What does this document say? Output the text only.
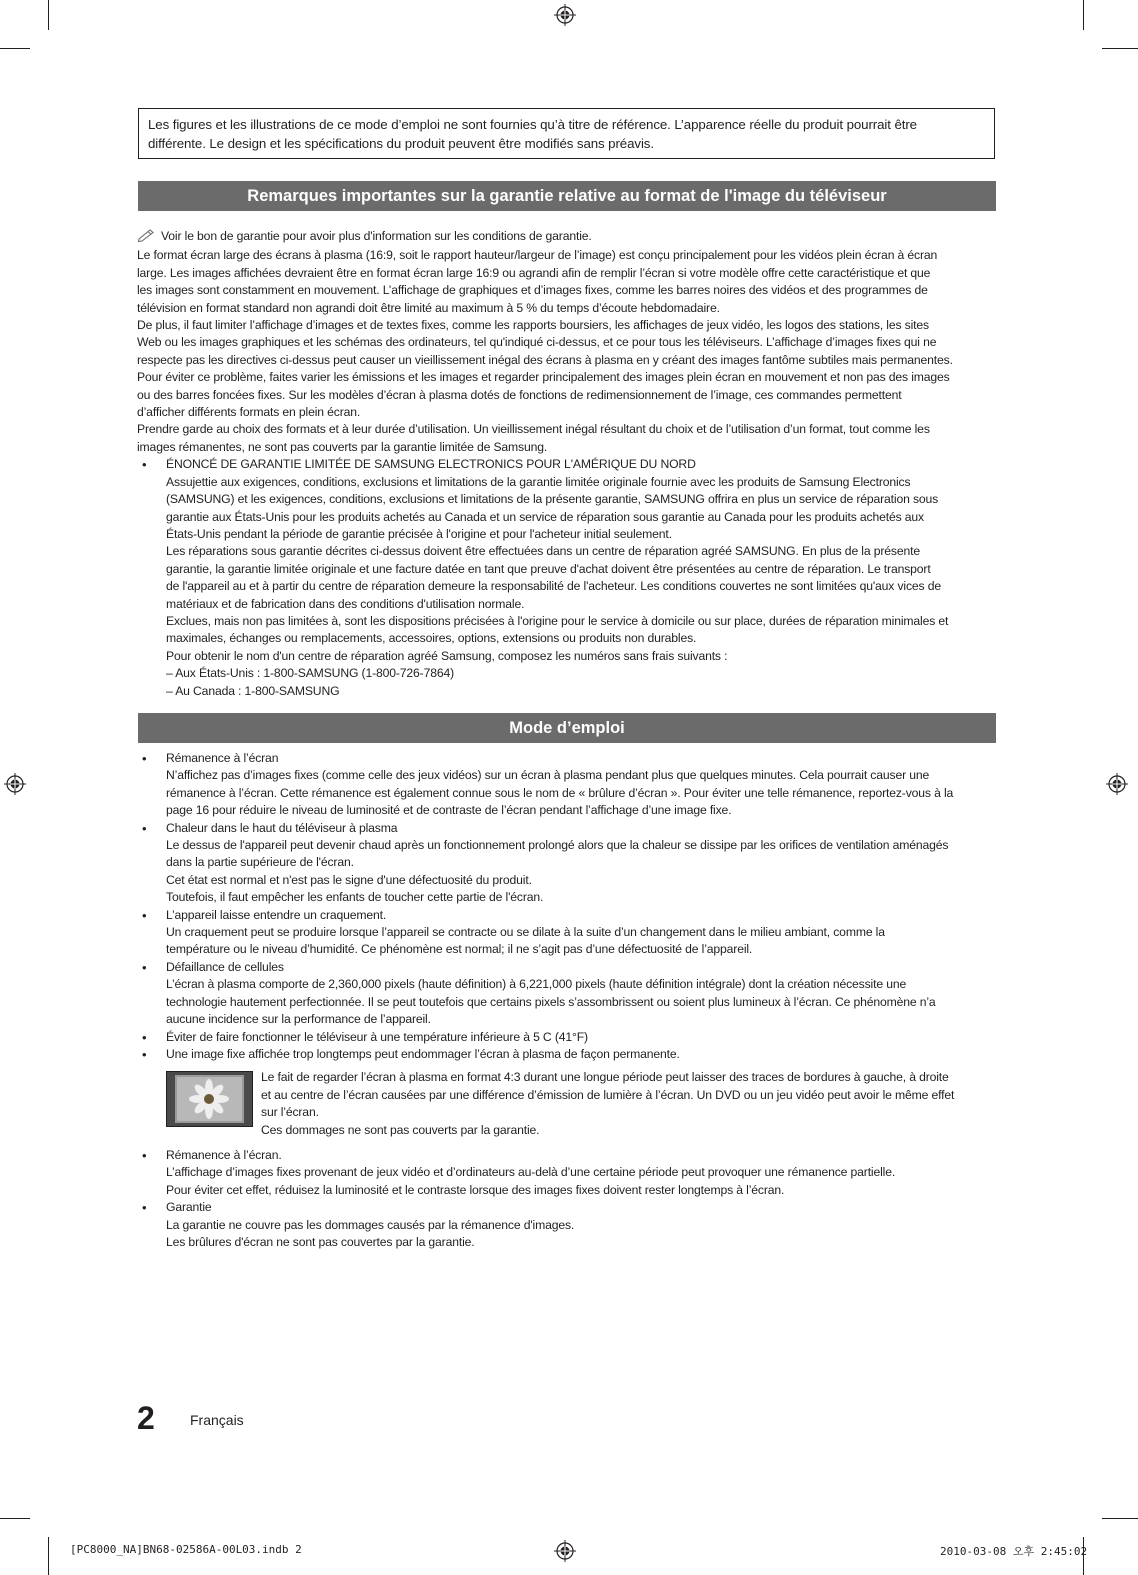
Les figures et les illustrations de ce mode d’emploi ne sont fournies qu’à titre de référence. L’apparence réelle du produit pourrait être
différente. Le design et les spécifications du produit peuvent être modifiés sans préavis.
Remarques importantes sur la garantie relative au format de l'image du téléviseur
Voir le bon de garantie pour avoir plus d'information sur les conditions de garantie.

Le format écran large des écrans à plasma (16:9, soit le rapport hauteur/largeur de l’image) est conçu principalement pour les vidéos plein écran à écran

large. Les images affichées devraient être en format écran large 16:9 ou agrandi afin de remplir l’écran si votre modèle offre cette caractéristique et que

les images sont constamment en mouvement. L’affichage de graphiques et d’images fixes, comme les barres noires des vidéos et des programmes de

télévision en format standard non agrandi doit être limité au maximum à 5 % du temps d’écoute hebdomadaire.

De plus, il faut limiter l’affichage d’images et de textes fixes, comme les rapports boursiers, les affichages de jeux vidéo, les logos des stations, les sites

Web ou les images graphiques et les schémas des ordinateurs, tel qu'indiqué ci-dessus, et ce pour tous les téléviseurs. L’affichage d’images fixes qui ne

respecte pas les directives ci-dessus peut causer un vieillissement inégal des écrans à plasma en y créant des images fantôme subtiles mais permanentes.

Pour éviter ce problème, faites varier les émissions et les images et regarder principalement des images plein écran en mouvement et non pas des images

ou des barres foncées fixes. Sur les modèles d’écran à plasma dotés de fonctions de redimensionnement de l’image, ces commandes permettent

d’afficher différents formats en plein écran.

Prendre garde au choix des formats et à leur durée d’utilisation. Un vieillissement inégal résultant du choix et de l’utilisation d’un format, tout comme les

images rémanentes, ne sont pas couverts par la garantie limitée de Samsung.

• ÉNONCÉ DE GARANTIE LIMITÉE DE SAMSUNG ELECTRONICS POUR L'AMÉRIQUE DU NORD

Assujettie aux exigences, conditions, exclusions et limitations de la garantie limitée originale fournie avec les produits de Samsung Electronics

(SAMSUNG) et les exigences, conditions, exclusions et limitations de la présente garantie, SAMSUNG offrira en plus un service de réparation sous

garantie aux États-Unis pour les produits achetés au Canada et un service de réparation sous garantie au Canada pour les produits achetés aux

États-Unis pendant la période de garantie précisée à l'origine et pour l'acheteur initial seulement.

Les réparations sous garantie décrites ci-dessus doivent être effectuées dans un centre de réparation agréé SAMSUNG. En plus de la présente

garantie, la garantie limitée originale et une facture datée en tant que preuve d'achat doivent être présentées au centre de réparation. Le transport

de l'appareil au et à partir du centre de réparation demeure la responsabilité de l'acheteur. Les conditions couvertes ne sont limitées qu'aux vices de

matériaux et de fabrication dans des conditions d'utilisation normale.

Exclues, mais non pas limitées à, sont les dispositions précisées à l'origine pour le service à domicile ou sur place, durées de réparation minimales et

maximales, échanges ou remplacements, accessoires, options, extensions ou produits non durables.

Pour obtenir le nom d'un centre de réparation agréé Samsung, composez les numéros sans frais suivants :

– Aux États-Unis : 1-800-SAMSUNG (1-800-726-7864)

– Au Canada : 1-800-SAMSUNG

Mode d’emploi
• Rémanence à l’écran

N’affichez pas d’images fixes (comme celle des jeux vidéos) sur un écran à plasma pendant plus que quelques minutes. Cela pourrait causer une

rémanence à l’écran. Cette rémanence est également connue sous le nom de « brûlure d’écran ». Pour éviter une telle rémanence, reportez-vous à la

page 16 pour réduire le niveau de luminosité et de contraste de l’écran pendant l’affichage d’une image fixe.

• Chaleur dans le haut du téléviseur à plasma

Le dessus de l'appareil peut devenir chaud après un fonctionnement prolongé alors que la chaleur se dissipe par les orifices de ventilation aménagés

dans la partie supérieure de l'écran.

Cet état est normal et n'est pas le signe d'une défectuosité du produit.

Toutefois, il faut empêcher les enfants de toucher cette partie de l'écran.

• L’appareil laisse entendre un craquement.

Un craquement peut se produire lorsque l’appareil se contracte ou se dilate à la suite d’un changement dans le milieu ambiant, comme la

température ou le niveau d’humidité. Ce phénomène est normal; il ne s’agit pas d’une défectuosité de l’appareil.

• Défaillance de cellules

L’écran à plasma comporte de 2,360,000 pixels (haute définition) à 6,221,000 pixels (haute définition intégrale) dont la création nécessite une

technologie hautement perfectionnée. Il se peut toutefois que certains pixels s’assombrissent ou soient plus lumineux à l’écran. Ce phénomène n’a

aucune incidence sur la performance de l’appareil.

• Éviter de faire fonctionner le téléviseur à une température inférieure à 5 C (41°F)
• Une image fixe affichée trop longtemps peut endommager l’écran à plasma de façon permanente.

Le fait de regarder l’écran à plasma en format 4:3 durant une longue période peut laisser des traces de bordures à gauche, à droite

et au centre de l’écran causées par une différence d’émission de lumière à l’écran. Un DVD ou un jeu vidéo peut avoir le même effet

sur l’écran.

Ces dommages ne sont pas couverts par la garantie.

• Rémanence à l’écran.

L’affichage d’images fixes provenant de jeux vidéo et d’ordinateurs au-delà d’une certaine période peut provoquer une rémanence partielle.

Pour éviter cet effet, réduisez la luminosité et le contraste lorsque des images fixes doivent rester longtemps à l’écran.

• Garantie

La garantie ne couvre pas les dommages causés par la rémanence d'images.

Les brûlures d'écran ne sont pas couvertes par la garantie.

2	Français
[PC8000_NA]BN68-02586A-00L03.indb 2	2010-03-08 오후 2:45:02
